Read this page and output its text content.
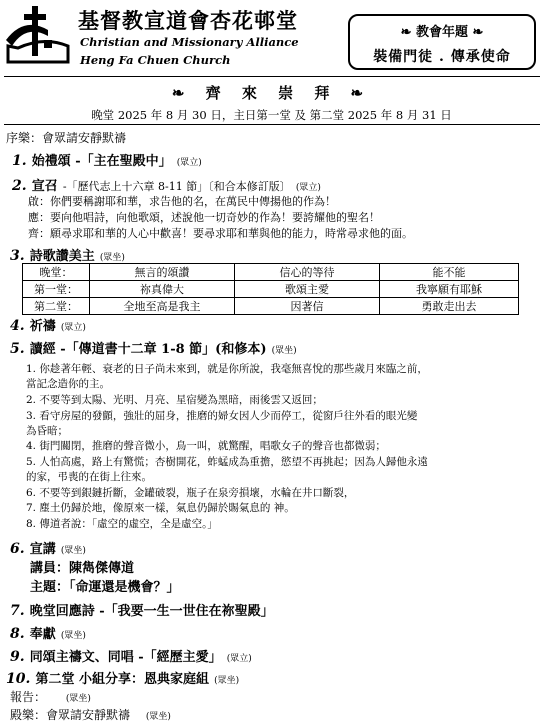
基督教宣道會杏花邨堂
Christian and Missionary Alliance
Heng Fa Chuen Church
❧ 教會年題 ❧
裝備門徒 . 傳承使命
❧ 齊 來 崇 拜 ❧
晚堂 2025 年 8 月 30 日，主日第一堂 及 第二堂 2025 年 8 月 31 日
序樂：會眾請安靜默禱
1. 始禮頌 -「主在聖殿中」 (眾立)
2. 宣召 -「歷代志上十六章 8-11 節」〔和合本修訂版〕 (眾立)
啟：你們要稱謝耶和華，求告他的名，在萬民中傳揚他的作為！
應：要向他唱詩，向他歌頌，述說他一切奇妙的作為！要誇耀他的聖名！
齊：願尋求耶和華的人心中歡喜！要尋求耶和華與他的能力，時常尋求他的面。
3. 詩歌讚美主 (眾坐)
晚堂：	無言的頌讚	信心的等待	能不能
第一堂：	祢真偉大	歌頌主愛	我寧願有耶穌
第二堂：	全地至高是我主	因著信	勇敢走出去
4. 祈禱 (眾立)
5. 讀經 -「傳道書十二章 1-8 節」(和修本) (眾坐)
1. 你趁著年輕、衰老的日子尚未來到，就是你所說，我毫無喜悅的那些歲月來臨之前，
當記念造你的主。
2. 不要等到太陽、光明、月亮、星宿變為黑暗，雨後雲又返回；
3. 看守房屋的發顫，強壯的屈身，推磨的婦女因人少而停工，從窗戶往外看的眼光變
為昏暗；
4. 街門關閉，推磨的聲音微小，鳥一叫，就驚醒，唱歌女子的聲音也都微弱；
5. 人怕高處，路上有驚慌；杏樹開花，蚱蜢成為重擔，慾望不再挑起；因為人歸他永遠
的家，弔喪的在街上往來。
6. 不要等到銀鏈折斷，金罐破裂，瓶子在泉旁損壞，水輪在井口斷裂，
7. 塵土仍歸於地，像原來一樣，氣息仍歸於賜氣息的 神。
8. 傳道者說：「虛空的虛空，全是虛空。」
6. 宣講 (眾坐)
講員：陳雋傑傳道
主題：「命運還是機會？」
7. 晚堂回應詩 -「我要一生一世住在祢聖殿」
8. 奉獻 (眾坐)
9. 同頌主禱文、同唱 -「經歷主愛」 (眾立)
10. 第二堂 小組分享：恩典家庭組 (眾坐)
報告： (眾坐)
殿樂：會眾請安靜默禱 (眾坐)
